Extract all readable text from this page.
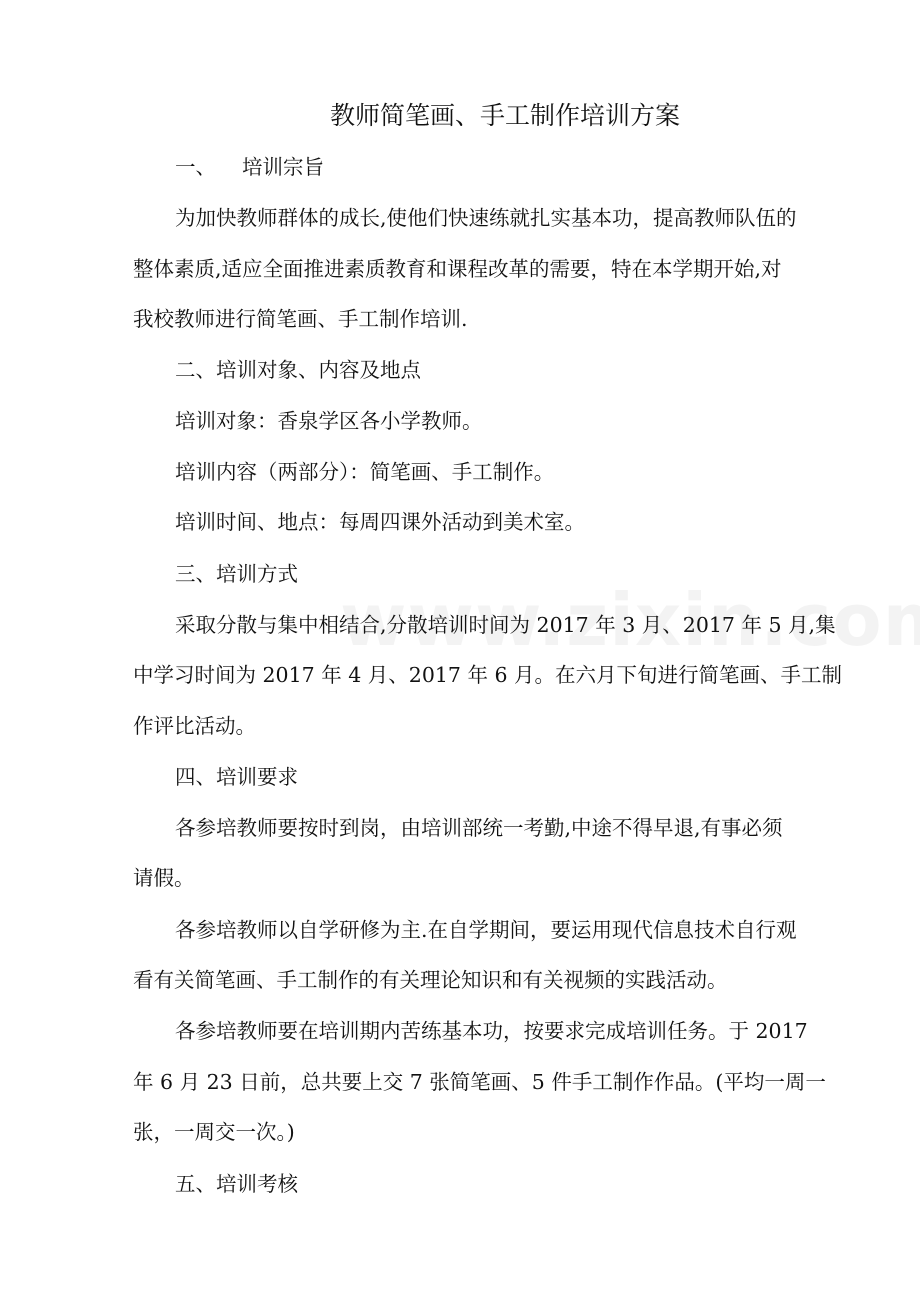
教师简笔画、手工制作培训方案

一、 培训宗旨

为加快教师群体的成长,使他们快速练就扎实基本功，提高教师队伍的

整体素质,适应全面推进素质教育和课程改革的需要，特在本学期开始,对

我校教师进行简笔画、手工制作培训.

二、培训对象、内容及地点

培训对象：香泉学区各小学教师。

培训内容（两部分）：简笔画、手工制作。

培训时间、地点：每周四课外活动到美术室。

三、培训方式

采取分散与集中相结合,分散培训时间为 2017 年 3 月、2017 年 5 月,集

中学习时间为 2017 年 4 月、2017 年 6 月。在六月下旬进行简笔画、手工制

作评比活动。

四、培训要求

各参培教师要按时到岗，由培训部统一考勤,中途不得早退,有事必须

请假。

各参培教师以自学研修为主.在自学期间，要运用现代信息技术自行观

看有关简笔画、手工制作的有关理论知识和有关视频的实践活动。

各参培教师要在培训期内苦练基本功，按要求完成培训任务。于 2017

年 6 月 23 日前，总共要上交 7 张简笔画、5 件手工制作作品。(平均一周一

张，一周交一次。)

五、培训考核
